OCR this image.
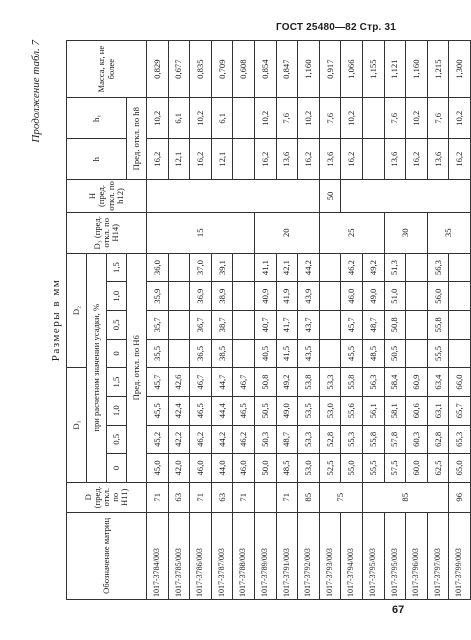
ГОСТ 25480—82 Стр. 31
Продолжение табл. 7
Размеры в мм
Обозначение матриц	D (пред. откл. по H11)	D₁				D₂				D₃ (пред. откл. по H14)	H (пред. откл. по h12)	h	h₁	Масса, кг, не более
		при расчетном значении усадки, %												
		0	0,5	1,0	1,5	0	0,5	1,0	1,5					
		Пред. откл. по Н6										Пред. откл. по h8		
1017-3784/003	71	45,0	45,2	45,5	45,7	35,5	35,7	35,9	36,0	15		16,2	10,2	0,829
1017-3785/003	63	42,0	42,2	42,4	42,6							12,1	6,1	0,677
1017-3786/003	71	46,0	46,2	46,5	46,7	36,5	36,7	36,9	37,0			16,2	10,2	0,835
1017-3787/003	63	44,0	44,2	44,4	44,7	38,5	38,7	38,9	39,1			12,1	6,1	0,709
1017-3788/003	71	46,0	46,2	46,5	46,7									0,608
1017-3789/003		50,0	50,3	50,5	50,8	40,5	40,7	40,9	41,1	20		16,2	10,2	0,854
1017-3791/003	71	48,5	48,7	49,0	49,2	41,5	41,7	41,9	42,1			13,6	7,6	0,847
1017-3792/003	85	53,0	53,3	53,5	53,8	43,5	43,7	43,9	44,2			16,2	10,2	1,160
1017-3793/003	75	52,5	52,8	53,0	53,3					25	50	13,6	7,6	0,917
1017-3794/003		55,0	55,3	55,6	55,8	45,5	45,7	46,0	46,2			16,2	10,2	1,066
1017-3795/003	85	55,5	55,8	56,1	56,3	48,5	48,7	49,0	49,2					1,155
1017-3795/003		57,5	57,8	58,1	58,4	50,5	50,8	51,0	51,3	30		13,6	7,6	1,121
1017-3796/003		60,0	60,3	60,6	60,9							16,2	10,2	1,160
1017-3797/003		62,5	62,8	63,1	63,4	55,5	55,8	56,0	56,3	35		13,6	7,6	1,215
1017-3799/003	96	65,0	65,3	65,7	66,0							16,2	10,2	1,300
67
